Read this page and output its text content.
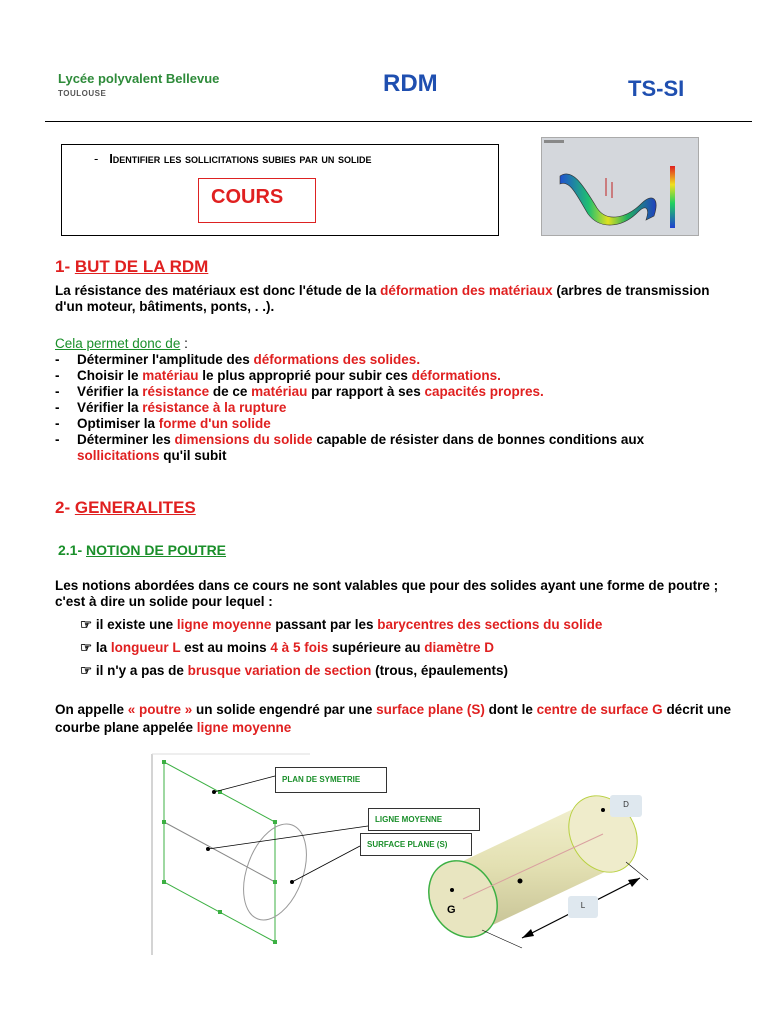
Lycée polyvalent Bellevue
TOULOUSE	RDM	TS-SI
- Identifier les sollicitations subies par un solide
COURS
1- BUT DE LA RDM
La résistance des matériaux est donc l'étude de la déformation des matériaux (arbres de transmission d'un moteur, bâtiments, ponts, . .).
Cela permet donc de :
- Déterminer l'amplitude des déformations des solides.
- Choisir le matériau le plus approprié pour subir ces déformations.
- Vérifier la résistance de ce matériau par rapport à ses capacités propres.
- Vérifier la résistance à la rupture
- Optimiser la forme d'un solide
- Déterminer les dimensions du solide capable de résister dans de bonnes conditions aux
sollicitations qu'il subit
2- GENERALITES
2.1- NOTION DE POUTRE
Les notions abordées dans ce cours ne sont valables que pour des solides ayant une forme de poutre ; c'est à dire un solide pour lequel :
☞ il existe une ligne moyenne passant par les barycentres des sections du solide
☞ la longueur L est au moins 4 à 5 fois supérieure au diamètre D
☞ il n'y a pas de brusque variation de section (trous, épaulements)
On appelle « poutre » un solide engendré par une surface plane (S) dont le centre de surface G décrit une courbe plane appelée ligne moyenne
PLAN DE SYMETRIE
LIGNE MOYENNE
SURFACE PLANE (S)
G
D
L
